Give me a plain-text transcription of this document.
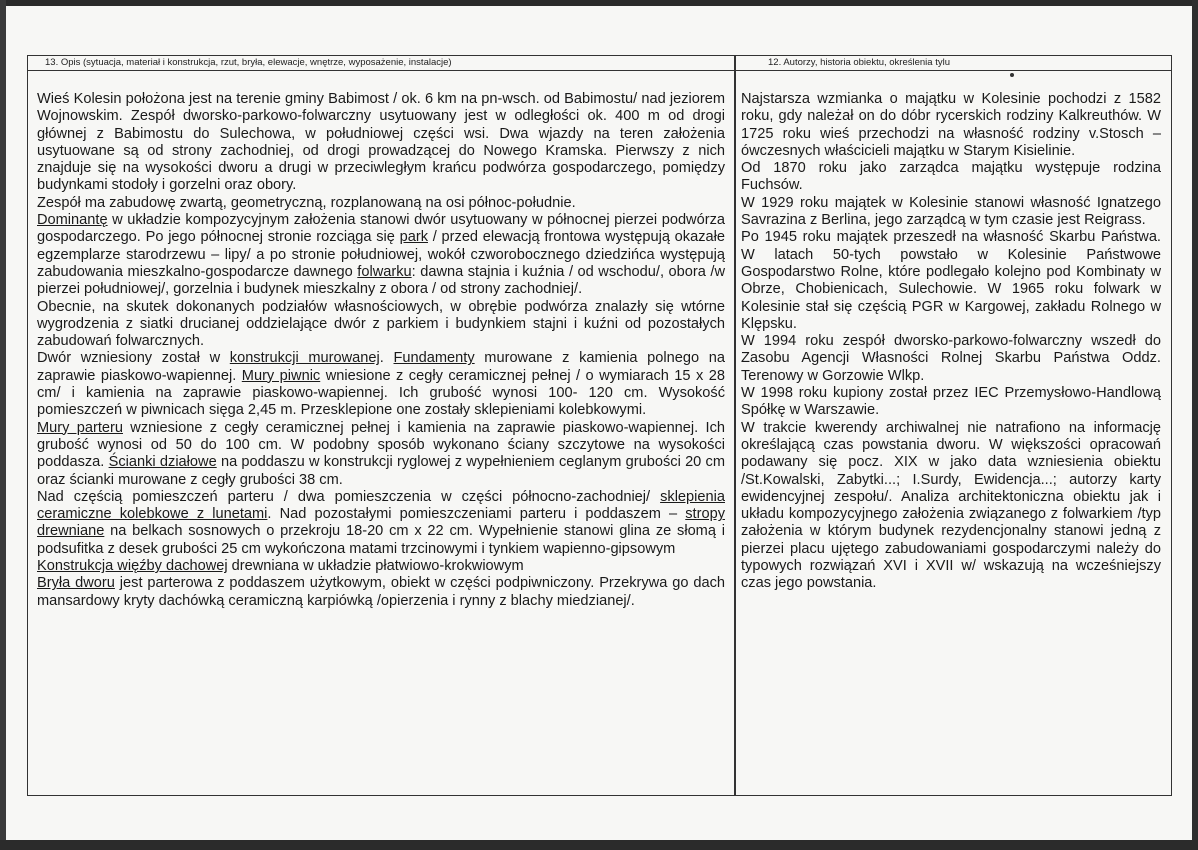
13. Opis (sytuacja, materiał i konstrukcja, rzut, bryła, elewacje, wnętrze, wyposażenie, instalacje)	12. Autorzy, historia obiektu, określenia tylu

Wieś Kolesin położona jest na terenie gminy Babimost / ok. 6 km na pn-wsch. od Babimostu/ nad jeziorem Wojnowskim. Zespół dworsko-parkowo-folwarczny usytuowany jest w odległości ok. 400 m od drogi głównej z Babimostu do Sulechowa, w południowej części wsi. Dwa wjazdy na teren założenia usytuowane są od strony zachodniej, od drogi prowadzącej do Nowego Kramska. Pierwszy z nich znajduje się na wysokości dworu a drugi w przeciwległym krańcu podwórza gospodarczego, pomiędzy budynkami stodoły i gorzelni oraz obory.

Zespół ma zabudowę zwartą, geometryczną, rozplanowaną na osi północ-południe.

Dominantę w układzie kompozycyjnym założenia stanowi dwór usytuowany w północnej pierzei podwórza gospodarczego. Po jego północnej stronie rozciąga się park / przed elewacją frontowa występują okazałe egzemplarze starodrzewu – lipy/ a po stronie południowej, wokół czworobocznego dziedzińca występują zabudowania mieszkalno-gospodarcze dawnego folwarku: dawna stajnia i kuźnia / od wschodu/, obora /w pierzei południowej/, gorzelnia i budynek mieszkalny z obora / od strony zachodniej/.

Obecnie, na skutek dokonanych podziałów własnościowych, w obrębie podwórza znalazły się wtórne wygrodzenia z siatki drucianej oddzielające dwór z parkiem i budynkiem stajni i kuźni od pozostałych zabudowań folwarcznych.

Dwór wzniesiony został w konstrukcji murowanej. Fundamenty murowane z kamienia polnego na zaprawie piaskowo-wapiennej. Mury piwnic wniesione z cegły ceramicznej pełnej / o wymiarach 15 x 28 cm/ i kamienia na zaprawie piaskowo-wapiennej. Ich grubość wynosi 100- 120 cm. Wysokość pomieszczeń w piwnicach sięga 2,45 m. Przesklepione one zostały sklepieniami kolebkowymi.

Mury parteru wzniesione z cegły ceramicznej pełnej i kamienia na zaprawie piaskowo-wapiennej. Ich grubość wynosi od 50 do 100 cm. W podobny sposób wykonano ściany szczytowe na wysokości poddasza. Ścianki działowe na poddaszu w konstrukcji ryglowej z wypełnieniem ceglanym grubości 20 cm oraz ścianki murowane z cegły grubości 38 cm.

Nad częścią pomieszczeń parteru / dwa pomieszczenia w części północno-zachodniej/ sklepienia ceramiczne kolebkowe z lunetami. Nad pozostałymi pomieszczeniami parteru i poddaszem – stropy drewniane na belkach sosnowych o przekroju 18-20 cm x 22 cm. Wypełnienie stanowi glina ze słomą i podsufitka z desek grubości 25 cm wykończona matami trzcinowymi i tynkiem wapienno-gipsowym

Konstrukcja więźby dachowej drewniana w układzie płatwiowo-krokwiowym

Bryła dworu jest parterowa z poddaszem użytkowym, obiekt w części podpiwniczony. Przekrywa go dach mansardowy kryty dachówką ceramiczną karpiówką /opierzenia i rynny z blachy miedzianej/.

Najstarsza wzmianka o majątku w Kolesinie pochodzi z 1582 roku, gdy należał on do dóbr rycerskich rodziny Kalkreuthów. W 1725 roku wieś przechodzi na własność rodziny v.Stosch – ówczesnych właścicieli majątku w Starym Kisielinie.

Od 1870 roku jako zarządca majątku występuje rodzina Fuchsów.

W 1929 roku majątek w Kolesinie stanowi własność Ignatzego Savrazina z Berlina, jego zarządcą w tym czasie jest Reigrass.

Po 1945 roku majątek przeszedł na własność Skarbu Państwa. W latach 50-tych powstało w Kolesinie Państwowe Gospodarstwo Rolne, które podlegało kolejno pod Kombinaty w Obrze, Chobienicach, Sulechowie. W 1965 roku folwark w Kolesinie stał się częścią PGR w Kargowej, zakładu Rolnego w Klępsku.

W 1994 roku zespół dworsko-parkowo-folwarczny wszedł do Zasobu Agencji Własności Rolnej Skarbu Państwa Oddz. Terenowy w Gorzowie Wlkp.

W 1998 roku kupiony został przez IEC Przemysłowo-Handlową Spółkę w Warszawie.

W trakcie kwerendy archiwalnej nie natrafiono na informację określającą czas powstania dworu. W większości opracowań podawany się pocz. XIX w jako data wzniesienia obiektu /St.Kowalski, Zabytki...; I.Surdy, Ewidencja...; autorzy karty ewidencyjnej zespołu/. Analiza architektoniczna obiektu jak i układu kompozycyjnego założenia związanego z folwarkiem /typ założenia w którym budynek rezydencjonalny stanowi jedną z pierzei placu ujętego zabudowaniami gospodarczymi należy do typowych rozwiązań XVI i XVII w/ wskazują na wcześniejszy czas jego powstania.
